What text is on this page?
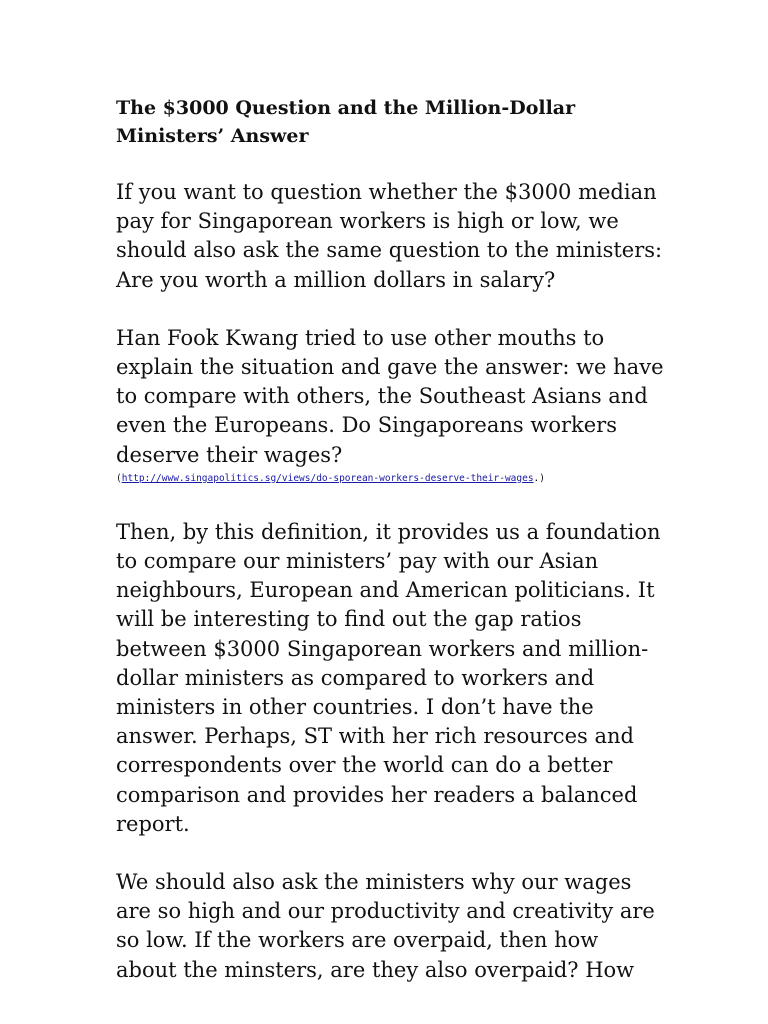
The $3000 Question and the Million-Dollar
Ministers’ Answer

If you want to question whether the $3000 median
pay for Singaporean workers is high or low, we
should also ask the same question to the ministers:
Are you worth a million dollars in salary?

Han Fook Kwang tried to use other mouths to
explain the situation and gave the answer: we have
to compare with others, the Southeast Asians and
even the Europeans. Do Singaporeans workers
deserve their wages?

(http://www.singapolitics.sg/views/do-sporean-workers-deserve-their-wages.)

Then, by this definition, it provides us a foundation
to compare our ministers’ pay with our Asian
neighbours, European and American politicians. It
will be interesting to find out the gap ratios
between $3000 Singaporean workers and million-
dollar ministers as compared to workers and
ministers in other countries. I don’t have the
answer. Perhaps, ST with her rich resources and
correspondents over the world can do a better
comparison and provides her readers a balanced
report.

We should also ask the ministers why our wages
are so high and our productivity and creativity are
so low. If the workers are overpaid, then how
about the minsters, are they also overpaid? How
